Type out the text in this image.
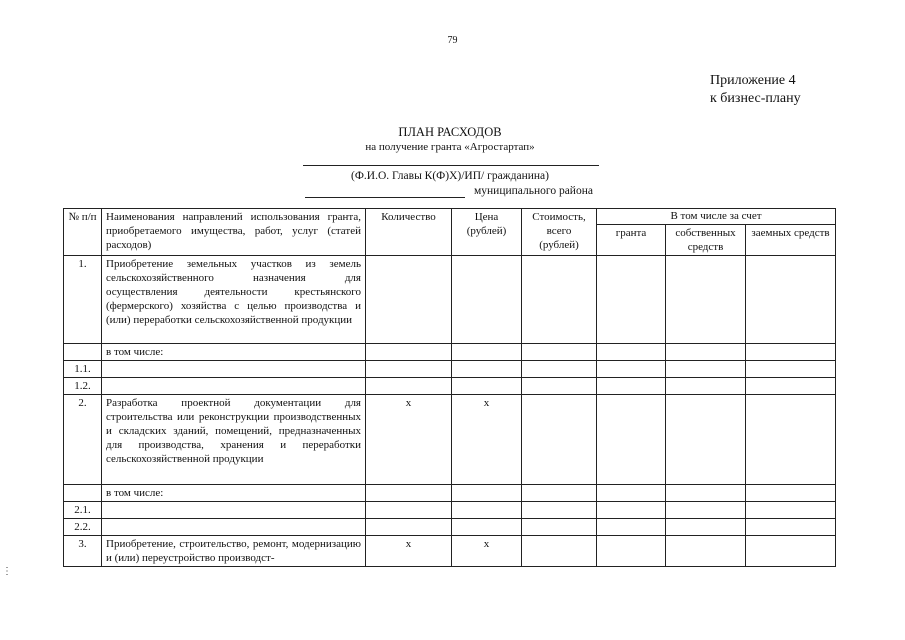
79
Приложение 4
к бизнес-плану
ПЛАН РАСХОДОВ
на получение гранта «Агростартап»
(Ф.И.О. Главы К(Ф)Х)/ИП/ гражданина)
муниципального района
№ п/п	Наименования направлений использования гранта, приобретаемого имущества, работ, услуг (статей расходов)	Количество	Цена (рублей)	Стоимость, всего (рублей)	В том числе за счет		
					гранта	собственных средств	заемных средств
1.	Приобретение земельных участков из земель сельскохозяйственного назначения для осуществления деятельности крестьянского (фермерского) хозяйства с целью производства и (или) переработки сельскохозяйственной продукции						
	в том числе:						
1.1.							
1.2.							
2.	Разработка проектной документации для строительства или реконструкции производственных и складских зданий, помещений, предназначенных для производства, хранения и переработки сельскохозяйственной продукции	х	х				
	в том числе:						
2.1.							
2.2.							
3.	Приобретение, строительство, ремонт, модернизацию и (или) переустройство производст-	х	х				
⋮
